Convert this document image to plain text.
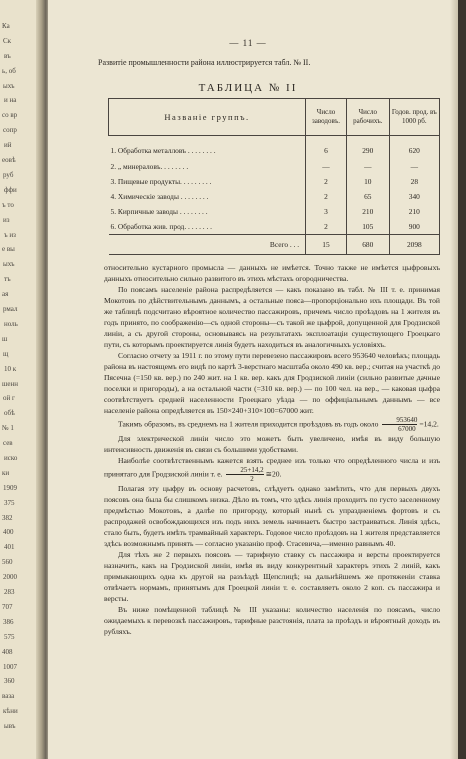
Ка
Ск
въ
ь, об
ыхъ
и на
со вр
сопр
ий
еовѣ
руб
ффи
ъ то
из
ъ из
е вы
ыхъ
тъ
ая
рмал
ноль
ш
щ
10 к
шенн
ой г
обѣ
№ 1
сев
иско
ки
1909
375
382
400
401
560
2000
283
707
386
575
408
1007
360
ваза
кѣни
ывъ
— 11 —
Развитіе промышленности района иллюстрируется табл. № II.
ТАБЛИЦА № II
Названіе группъ.	Число заводовъ.	Число рабочихъ.	Годов. прод. въ 1000 рб.
1. Обработка металловъ . . . . . . . .	6	290	620
2. „ минераловъ. . . . . . . .	—	—	—
3. Пищевые продукты. . . . . . . . .	2	10	28
4. Химическіе заводы . . . . . . . .	2	65	340
5. Кирпичные заводы . . . . . . . .	3	210	210
6. Обработка жив. прод. . . . . . . .	2	105	900
Всего . . .	15	680	2098

относительно кустарного промысла — данныхъ не имѣется. Точно также не имѣется цыфровыхъ данныхъ относительно сильно развитого въ этихъ мѣстахъ огородничества.

По поясамъ населеніе района распредѣляется — какъ показано въ табл. № III т. е. принимая Мокотовъ по дѣйствительнымъ даннымъ, а остальные пояса—пропорціонально ихъ площади. Въ той же таблицѣ подсчитано вѣроятное количество пассажировъ, причемъ число проѣздовъ на 1 жителя въ годъ принято, по соображенію—съ одной стороны—съ такой же цыфрой, допущенной для Гродзиской линіи, а съ другой стороны, основываясь на результатахъ эксплоатаціи существующего Гроецкаго пути, съ которымъ проектируется линія будетъ находиться въ аналогичныхъ условіяхъ.

Согласно отчету за 1911 г. по этому пути перевезено пассажировъ всего 953640 человѣкъ; площадь района въ настоящемъ его видѣ по картѣ 3-верстнаго масштаба около 490 кв. вер.; считая на участкѣ до Пясечна (=150 кв. вер.) по 240 жит. на 1 кв. вер. какъ для Гродзиской линіи (сильно развитые дачные поселки и пригороды), а на остальной части (=310 кв. вер.) — по 100 чел. на вер., — каковая цыфра соотвѣтствуетъ средней населенности Гроецкаго уѣзда — по оффиціальнымъ даннымъ — все населеніе района опредѣляется въ 150×240+310×100=67000 жит.

Такимъ образомъ, въ среднемъ на 1 жителя приходится проѣздовъ въ годъ около $\frac{953640}{67000} =14,2$.

Для электрической линіи число это можетъ быть увеличено, имѣя въ виду большую интенсивность движенія въ связи съ большими удобствами.

Наиболѣе соотвѣтственнымъ кажется взять среднее изъ только что опредѣленного числа и изъ принятаго для Гродзиской линіи т. е. $\frac{25+14,2}{2}$ ≅20.

Полагая эту цыфру въ основу расчетовъ, слѣдуетъ однако замѣтить, что для первыхъ двухъ поясовъ она была бы слишкомъ низка. Дѣло въ томъ, что здѣсь линія проходитъ по густо заселенному предмѣстью Мокотовъ, а далѣе по пригороду, который нынѣ съ упраздненіемъ фортовъ и съ распродажей освобождающихся изъ подъ нихъ земель начинаетъ быстро застраиваться. Линія здѣсь, стало быть, будетъ имѣть трамвайный характеръ. Годовое число проѣздовъ на 1 жителя представляется здѣсь возможнымъ принять — согласно указанію проф. Стасевича,—именно равнымъ 40.

Для тѣхъ же 2 первыхъ поясовъ — тарифную ставку съ пассажира и версты проектируется назначить, какъ на Гродзиской линіи, имѣя въ виду конкурентный характеръ этихъ 2 линій, какъ примыкающихъ одна къ другой на разъѣздѣ Щепслицѣ; на дальнѣйшемъ же протяженіи ставка отвѣчаетъ нормамъ, принятымъ для Гроецкой линіи т. е. составляетъ около 2 коп. съ пассажира и версты.

Въ ниже помѣщенной таблицѣ № III указаны: количество населенія по поясамъ, число ожидаемыхъ к перевозкѣ пассажировъ, тарифные разстоянія, плата за проѣздъ и вѣроятный доходъ въ рубляхъ.
